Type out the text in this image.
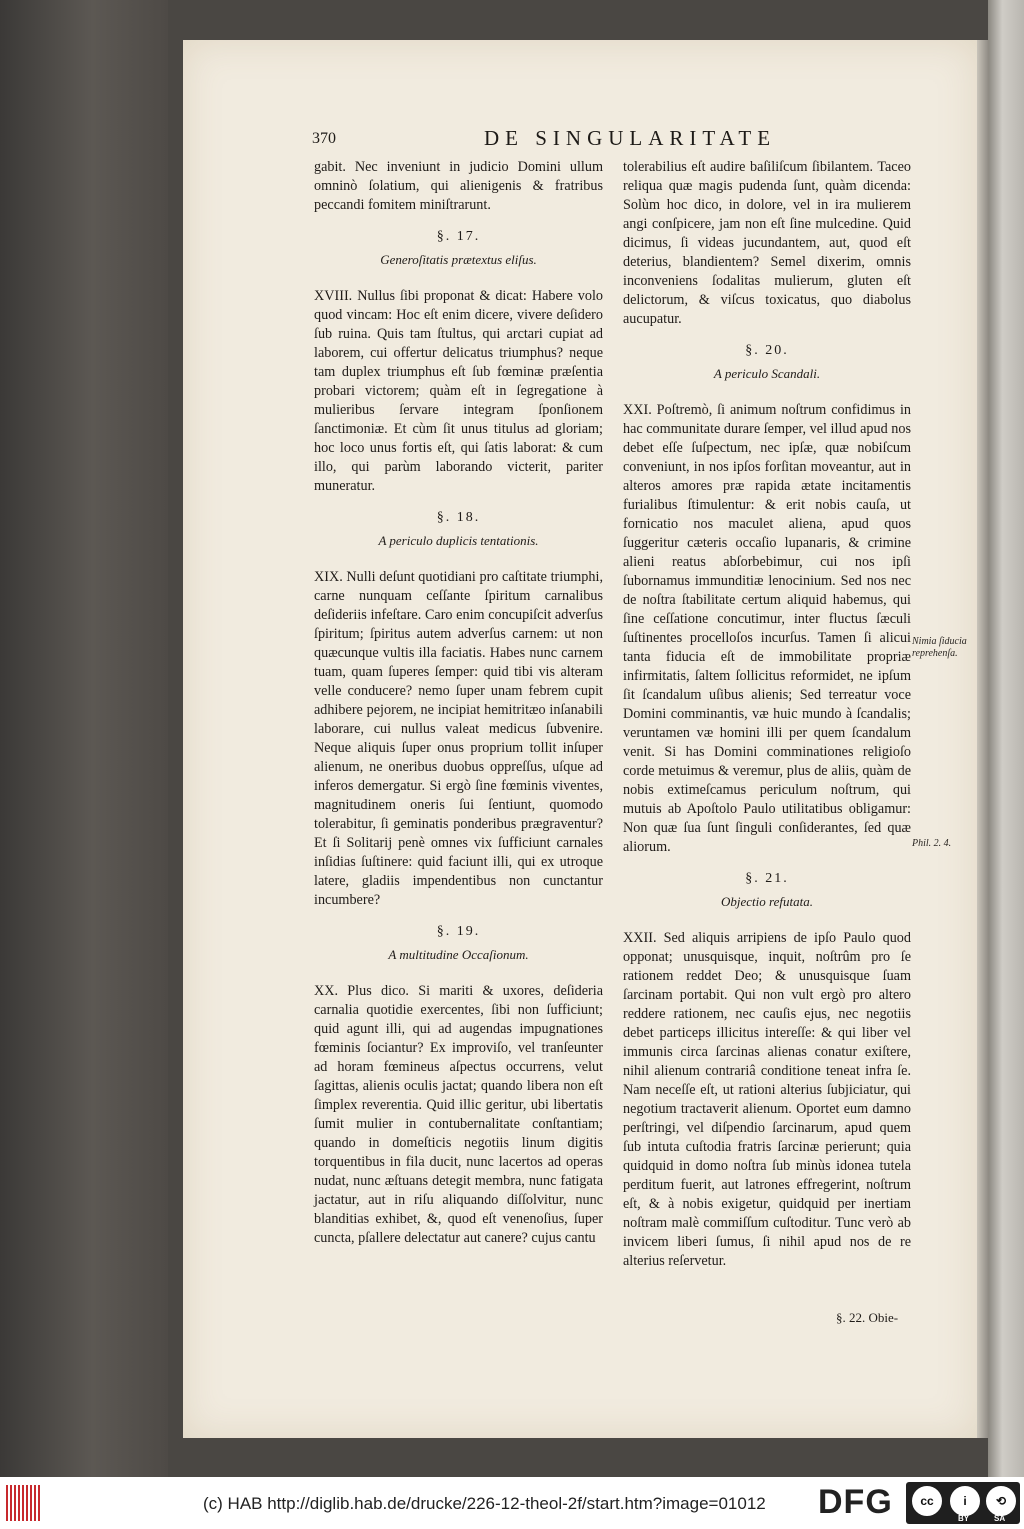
370	DE SINGULARITATE

gabit. Nec inveniunt in judicio Domini ullum omninò ſolatium, qui alienigenis & fratribus peccandi fomitem miniſtrarunt.

§. 17.
Generoſitatis prætextus eliſus.

XVIII. Nullus ſibi proponat & dicat: Habere volo quod vincam: Hoc eſt enim dicere, vivere deſidero ſub ruina. Quis tam ſtultus, qui arctari cupiat ad laborem, cui offertur delicatus triumphus? neque tam duplex triumphus eſt ſub fœminæ præſentia probari victorem; quàm eſt in ſegregatione à mulieribus ſervare integram ſponſionem ſanctimoniæ. Et cùm ſit unus titulus ad gloriam; hoc loco unus fortis eſt, qui ſatis laborat: & cum illo, qui parùm laborando victerit, pariter muneratur.

§. 18.
A periculo duplicis tentationis.

XIX. Nulli deſunt quotidiani pro caſtitate triumphi, carne nunquam ceſſante ſpiritum carnalibus deſideriis infeſtare. Caro enim concupiſcit adverſus ſpiritum; ſpiritus autem adverſus carnem: ut non quæcunque vultis illa faciatis. Habes nunc carnem tuam, quam ſuperes ſemper: quid tibi vis alteram velle conducere? nemo ſuper unam febrem cupit adhibere pejorem, ne incipiat hemitritæo inſanabili laborare, cui nullus valeat medicus ſubvenire. Neque aliquis ſuper onus proprium tollit inſuper alienum, ne oneribus duobus oppreſſus, uſque ad inferos demergatur. Si ergò ſine fœminis viventes, magnitudinem oneris ſui ſentiunt, quomodo tolerabitur, ſi geminatis ponderibus prægraventur? Et ſi Solitarij penè omnes vix ſufficiunt carnales inſidias ſuſtinere: quid faciunt illi, qui ex utroque latere, gladiis impendentibus non cunctantur incumbere?

§. 19.
A multitudine Occaſionum.

XX. Plus dico. Si mariti & uxores, deſideria carnalia quotidie exercentes, ſibi non ſufficiunt; quid agunt illi, qui ad augendas impugnationes fœminis ſociantur? Ex improviſo, vel tranſeunter ad horam fœmineus aſpectus occurrens, velut ſagittas, alienis oculis jactat; quando libera non eſt ſimplex reverentia. Quid illic geritur, ubi libertatis ſumit mulier in contubernalitate conſtantiam; quando in domeſticis negotiis linum digitis torquentibus in fila ducit, nunc lacertos ad operas nudat, nunc æſtuans detegit membra, nunc fatigata jactatur, aut in riſu aliquando diſſolvitur, nunc blanditias exhibet, &, quod eſt venenoſius, ſuper cuncta, pſallere delectatur aut canere? cujus cantu

tolerabilius eſt audire baſiliſcum ſibilantem. Taceo reliqua quæ magis pudenda ſunt, quàm dicenda: Solùm hoc dico, in dolore, vel in ira mulierem angi conſpicere, jam non eſt ſine mulcedine. Quid dicimus, ſi videas jucundantem, aut, quod eſt deterius, blandientem? Semel dixerim, omnis inconveniens ſodalitas mulierum, gluten eſt delictorum, & viſcus toxicatus, quo diabolus aucupatur.

§. 20.
A periculo Scandali.

XXI. Poſtremò, ſi animum noſtrum confidimus in hac communitate durare ſemper, vel illud apud nos debet eſſe ſuſpectum, nec ipſæ, quæ nobiſcum conveniunt, in nos ipſos forſitan moveantur, aut in alteros amores præ rapida ætate incitamentis furialibus ſtimulentur: & erit nobis cauſa, ut fornicatio nos maculet aliena, apud quos ſuggeritur cæteris occaſio lupanaris, & crimine alieni reatus abſorbebimur, cui nos ipſi ſubornamus immunditiæ lenocinium. Sed nos nec de noſtra ſtabilitate certum aliquid habemus, qui ſine ceſſatione concutimur, inter fluctus ſæculi ſuſtinentes procelloſos incurſus. Tamen ſi alicui tanta fiducia eſt de immobilitate propriæ infirmitatis, ſaltem ſollicitus reformidet, ne ipſum ſit ſcandalum uſibus alienis; Sed terreatur voce Domini comminantis, væ huic mundo à ſcandalis; veruntamen væ homini illi per quem ſcandalum venit. Si has Domini comminationes religioſo corde metuimus & veremur, plus de aliis, quàm de nobis extimeſcamus periculum noſtrum, qui mutuis ab Apoſtolo Paulo utilitatibus obligamur: Non quæ ſua ſunt ſinguli conſiderantes, ſed quæ aliorum.

§. 21.
Objectio refutata.

XXII. Sed aliquis arripiens de ipſo Paulo quod opponat; unusquisque, inquit, noſtrûm pro ſe rationem reddet Deo; & unusquisque ſuam ſarcinam portabit. Qui non vult ergò pro altero reddere rationem, nec cauſis ejus, nec negotiis debet particeps illicitus intereſſe: & qui liber vel immunis circa ſarcinas alienas conatur exiſtere, nihil alienum contrariâ conditione teneat infra ſe. Nam neceſſe eſt, ut rationi alterius ſubjiciatur, qui negotium tractaverit alienum. Oportet eum damno perſtringi, vel diſpendio ſarcinarum, apud quem ſub intuta cuſtodia fratris ſarcinæ perierunt; quia quidquid in domo noſtra ſub minùs idonea tutela perditum fuerit, aut latrones effregerint, noſtrum eſt, & à nobis exigetur, quidquid per inertiam noſtram malè commiſſum cuſtoditur. Tunc verò ab invicem liberi ſumus, ſi nihil apud nos de re alterius reſervetur.

Nimia ſiducia reprehenſa.
Phil. 2. 4.
§. 22. Obie-
(c) HAB http://diglib.hab.de/drucke/226-12-theol-2f/start.htm?image=01012 DFG	cc	i	⟲
BY	SA
